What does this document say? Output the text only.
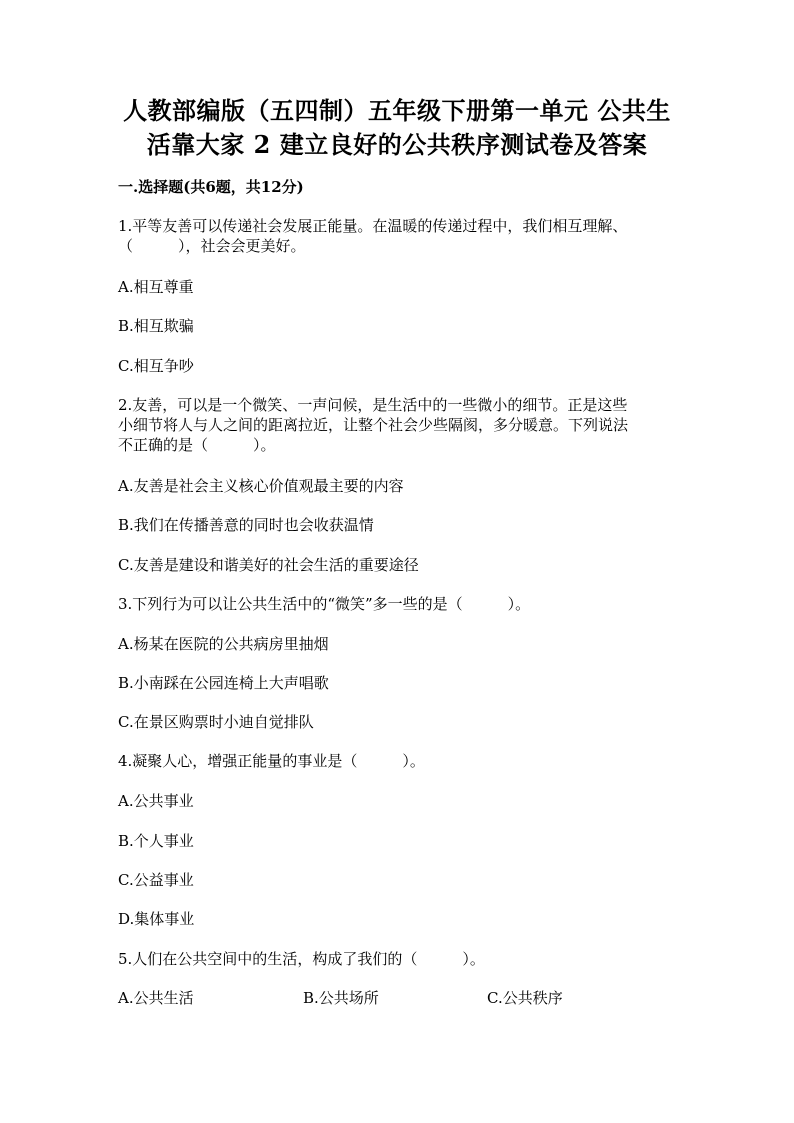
人教部编版（五四制）五年级下册第一单元 公共生
活靠大家 2 建立良好的公共秩序测试卷及答案
一.选择题(共6题，共12分)
1.平等友善可以传递社会发展正能量。在温暖的传递过程中，我们相互理解、
（　　　），社会会更美好。
A.相互尊重
B.相互欺骗
C.相互争吵
2.友善，可以是一个微笑、一声问候，是生活中的一些微小的细节。正是这些
小细节将人与人之间的距离拉近，让整个社会少些隔阂，多分暖意。下列说法
不正确的是（　　　）。
A.友善是社会主义核心价值观最主要的内容
B.我们在传播善意的同时也会收获温情
C.友善是建设和谐美好的社会生活的重要途径
3.下列行为可以让公共生活中的“微笑”多一些的是（　　　）。
A.杨某在医院的公共病房里抽烟
B.小南踩在公园连椅上大声唱歌
C.在景区购票时小迪自觉排队
4.凝聚人心，增强正能量的事业是（　　　）。
A.公共事业
B.个人事业
C.公益事业
D.集体事业
5.人们在公共空间中的生活，构成了我们的（　　　）。
A.公共生活	B.公共场所	C.公共秩序
